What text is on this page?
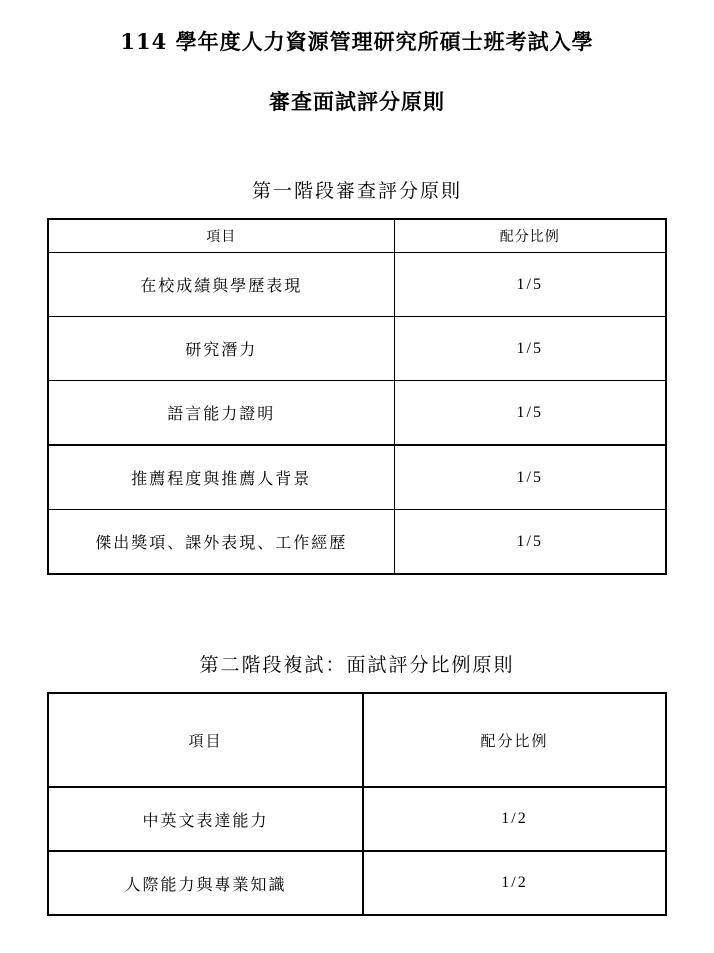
114 學年度人力資源管理研究所碩士班考試入學
審查面試評分原則
第一階段審查評分原則
項目	配分比例
在校成績與學歷表現	1/5
研究潛力	1/5
語言能力證明	1/5
推薦程度與推薦人背景	1/5
傑出獎項、課外表現、工作經歷	1/5
第二階段複試：面試評分比例原則
項目	配分比例
中英文表達能力	1/2
人際能力與專業知識	1/2
